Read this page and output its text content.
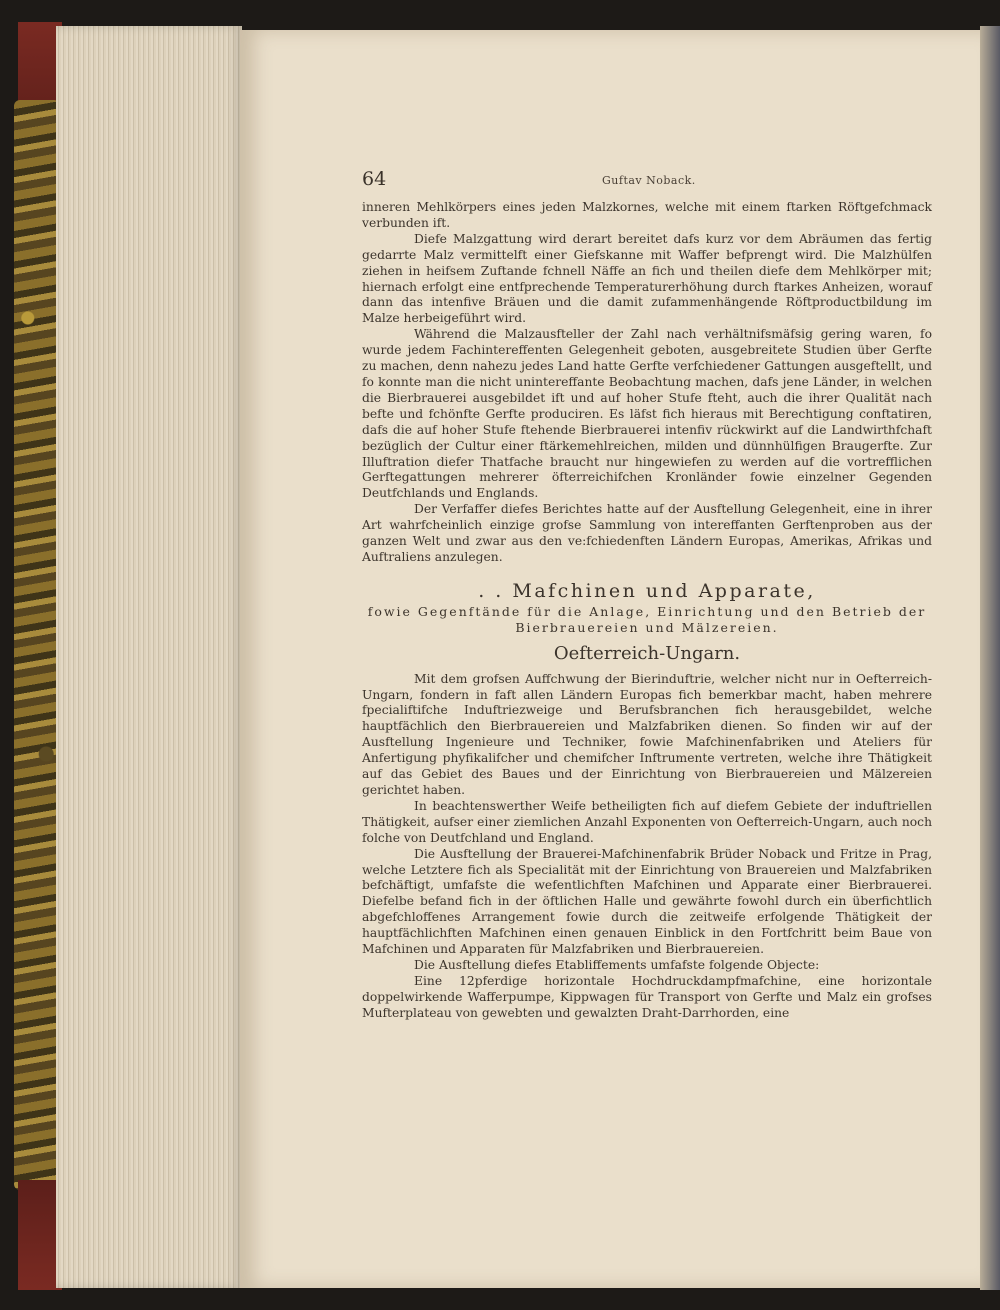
64	Guftav Noback.

inneren Mehlkörpers eines jeden Malzkornes, welche mit einem ftarken Röftgefchmack verbunden ift.

Diefe Malzgattung wird derart bereitet dafs kurz vor dem Abräumen das fertig gedarrte Malz vermittelft einer Giefskanne mit Waffer befprengt wird. Die Malzhülfen ziehen in heifsem Zuftande fchnell Näffe an fich und theilen diefe dem Mehlkörper mit; hiernach erfolgt eine entfprechende Temperaturerhöhung durch ftarkes Anheizen, worauf dann das intenfive Bräuen und die damit zufammenhängende Röftproductbildung im Malze herbeigeführt wird.

Während die Malzausfteller der Zahl nach verhältnifsmäfsig gering waren, fo wurde jedem Fachintereffenten Gelegenheit geboten, ausgebreitete Studien über Gerfte zu machen, denn nahezu jedes Land hatte Gerfte verfchiedener Gattungen ausgeftellt, und fo konnte man die nicht unintereffante Beobachtung machen, dafs jene Länder, in welchen die Bierbrauerei ausgebildet ift und auf hoher Stufe fteht, auch die ihrer Qualität nach befte und fchönfte Gerfte produciren. Es läfst fich hieraus mit Berechtigung conftatiren, dafs die auf hoher Stufe ftehende Bierbrauerei intenfiv rückwirkt auf die Landwirthfchaft bezüglich der Cultur einer ftärkemehlreichen, milden und dünnhülfigen Braugerfte. Zur Illuftration diefer Thatfache braucht nur hingewiefen zu werden auf die vortrefflichen Gerftegattungen mehrerer öfterreichifchen Kronländer fowie einzelner Gegenden Deutfchlands und Englands.

Der Verfaffer diefes Berichtes hatte auf der Ausftellung Gelegenheit, eine in ihrer Art wahrfcheinlich einzige grofse Sammlung von intereffanten Gerftenproben aus der ganzen Welt und zwar aus den ve:fchiedenften Ländern Europas, Amerikas, Afrikas und Auftraliens anzulegen.

. . Mafchinen und Apparate,
fowie Gegenftände für die Anlage, Einrichtung und den Betrieb der Bierbrauereien und Mälzereien.
Oefterreich-Ungarn.

Mit dem grofsen Auffchwung der Bierinduftrie, welcher nicht nur in Oefterreich-Ungarn, fondern in faft allen Ländern Europas fich bemerkbar macht, haben mehrere fpecialiftifche Induftriezweige und Berufsbranchen fich herausgebildet, welche hauptfächlich den Bierbrauereien und Malzfabriken dienen. So finden wir auf der Ausftellung Ingenieure und Techniker, fowie Mafchinenfabriken und Ateliers für Anfertigung phyfikalifcher und chemifcher Inftrumente vertreten, welche ihre Thätigkeit auf das Gebiet des Baues und der Einrichtung von Bierbrauereien und Mälzereien gerichtet haben.

In beachtenswerther Weife betheiligten fich auf diefem Gebiete der induftriellen Thätigkeit, aufser einer ziemlichen Anzahl Exponenten von Oefterreich-Ungarn, auch noch folche von Deutfchland und England.

Die Ausftellung der Brauerei-Mafchinenfabrik Brüder Noback und Fritze in Prag, welche Letztere fich als Specialität mit der Einrichtung von Brauereien und Malzfabriken befchäftigt, umfafste die wefentlichften Mafchinen und Apparate einer Bierbrauerei. Diefelbe befand fich in der öftlichen Halle und gewährte fowohl durch ein überfichtlich abgefchloffenes Arrangement fowie durch die zeitweife erfolgende Thätigkeit der hauptfächlichften Mafchinen einen genauen Einblick in den Fortfchritt beim Baue von Mafchinen und Apparaten für Malzfabriken und Bierbrauereien.

Die Ausftellung diefes Etabliffements umfafste folgende Objecte:

Eine 12pferdige horizontale Hochdruckdampfmafchine, eine horizontale doppelwirkende Wafferpumpe, Kippwagen für Transport von Gerfte und Malz ein grofses Mufterplateau von gewebten und gewalzten Draht-Darrhorden, eine
